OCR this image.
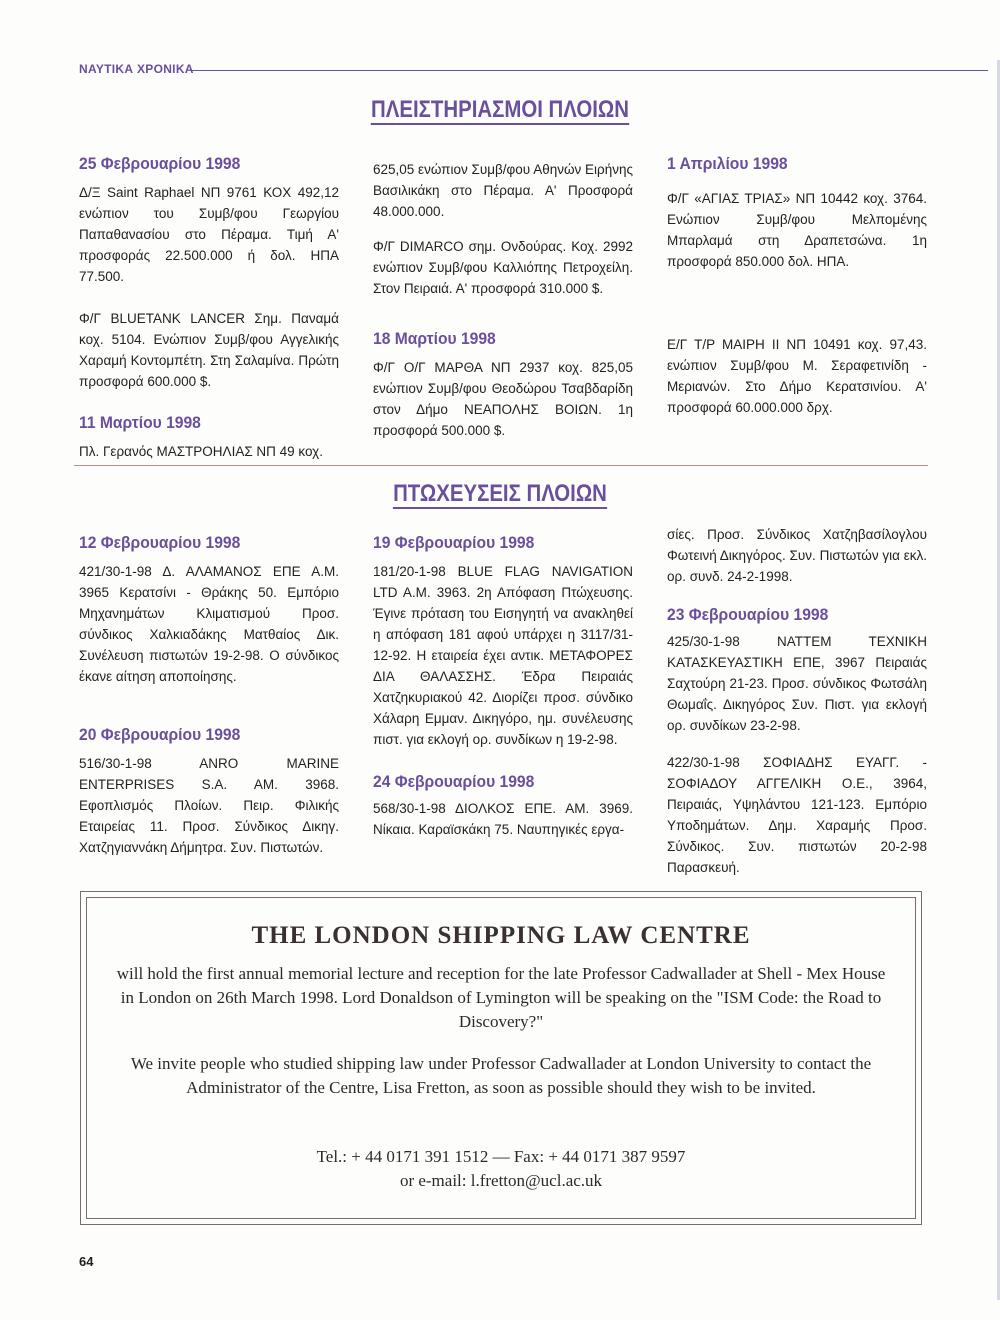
ΝΑΥΤΙΚΑ ΧΡΟΝΙΚΑ
ΠΛΕΙΣΤΗΡΙΑΣΜΟΙ ΠΛΟΙΩΝ
25 Φεβρουαρίου 1998

Δ/Ξ Saint Raphael ΝΠ 9761 ΚΟΧ 492,12 ενώπιον του Συμβ/φου Γεωργίου Παπαθανασίου στο Πέραμα. Τιμή Α' προσφοράς 22.500.000 ή δολ. ΗΠΑ 77.500.

Φ/Γ BLUETANK LANCER Σημ. Παναμά κοχ. 5104. Ενώπιον Συμβ/φου Αγγελικής Χαραμή Κοντομπέτη. Στη Σαλαμίνα. Πρώτη προσφορά 600.000 $.

11 Μαρτίου 1998

Πλ. Γερανός ΜΑΣΤΡΟΗΛΙΑΣ ΝΠ 49 κοχ.

625,05 ενώπιον Συμβ/φου Αθηνών Ειρήνης Βασιλικάκη στο Πέραμα. Α' Προσφορά 48.000.000.

Φ/Γ DIMARCO σημ. Ονδούρας. Κοχ. 2992 ενώπιον Συμβ/φου Καλλιόπης Πετροχείλη. Στον Πειραιά. Α' προσφορά 310.000 $.

18 Μαρτίου 1998

Φ/Γ Ο/Γ ΜΑΡΘΑ ΝΠ 2937 κοχ. 825,05 ενώπιον Συμβ/φου Θεοδώρου Τσαβδαρίδη στον Δήμο ΝΕΑΠΟΛΗΣ ΒΟΙΩΝ. 1η προσφορά 500.000 $.

1 Απριλίου 1998

Φ/Γ «ΑΓΙΑΣ ΤΡΙΑΣ» ΝΠ 10442 κοχ. 3764. Ενώπιον Συμβ/φου Μελπομένης Μπαρλαμά στη Δραπετσώνα. 1η προσφορά 850.000 δολ. ΗΠΑ.

Ε/Γ Τ/Ρ ΜΑΙΡΗ ΙΙ ΝΠ 10491 κοχ. 97,43. ενώπιον Συμβ/φου Μ. Σεραφετινίδη - Μεριανών. Στο Δήμο Κερατσινίου. Α' προσφορά 60.000.000 δρχ.

ΠΤΩΧΕΥΣΕΙΣ ΠΛΟΙΩΝ
12 Φεβρουαρίου 1998

421/30-1-98 Δ. ΑΛΑΜΑΝΟΣ ΕΠΕ Α.Μ. 3965 Κερατσίνι - Θράκης 50. Εμπόριο Μηχανημάτων Κλιματισμού Προσ. σύνδικος Χαλκιαδάκης Ματθαίος Δικ. Συνέλευση πιστωτών 19-2-98. Ο σύνδικος έκανε αίτηση αποποίησης.

20 Φεβρουαρίου 1998

516/30-1-98 ANRO MARINE ENTERPRISES S.A. AM. 3968. Εφοπλισμός Πλοίων. Πειρ. Φιλικής Εταιρείας 11. Προσ. Σύνδικος Δικηγ. Χατζηγιαννάκη Δήμητρα. Συν. Πιστωτών.

19 Φεβρουαρίου 1998

181/20-1-98 BLUE FLAG NAVIGATION LTD A.M. 3963. 2η Απόφαση Πτώχευσης. Έγινε πρόταση του Εισηγητή να ανακληθεί η απόφαση 181 αφού υπάρχει η 3117/31-12-92. Η εταιρεία έχει αντικ. ΜΕΤΑΦΟΡΕΣ ΔΙΑ ΘΑΛΑΣΣΗΣ. Έδρα Πειραιάς Χατζηκυριακού 42. Διορίζει προσ. σύνδικο Χάλαρη Εμμαν. Δικηγόρο, ημ. συνέλευσης πιστ. για εκλογή ορ. συνδίκων η 19-2-98.

24 Φεβρουαρίου 1998

568/30-1-98 ΔΙΟΛΚΟΣ ΕΠΕ. ΑΜ. 3969. Νίκαια. Καραϊσκάκη 75. Ναυπηγικές εργα-

σίες. Προσ. Σύνδικος Χατζηβασίλογλου Φωτεινή Δικηγόρος. Συν. Πιστωτών για εκλ. ορ. συνδ. 24-2-1998.

23 Φεβρουαρίου 1998

425/30-1-98 ΝΑΤΤΕΜ ΤΕΧΝΙΚΗ ΚΑΤΑΣΚΕΥΑΣΤΙΚΗ ΕΠΕ, 3967 Πειραιάς Σαχτούρη 21-23. Προσ. σύνδικος Φωτσάλη Θωμαΐς. Δικηγόρος Συν. Πιστ. για εκλογή ορ. συνδίκων 23-2-98.

422/30-1-98 ΣΟΦΙΑΔΗΣ ΕΥΑΓΓ. - ΣΟΦΙΑΔΟΥ ΑΓΓΕΛΙΚΗ Ο.Ε., 3964, Πειραιάς, Υψηλάντου 121-123. Εμπόριο Υποδημάτων. Δημ. Χαραμής Προσ. Σύνδικος. Συν. πιστωτών 20-2-98 Παρασκευή.

THE LONDON SHIPPING LAW CENTRE
will hold the first annual memorial lecture and reception for the late Professor Cadwallader at Shell - Mex House in London on 26th March 1998. Lord Donaldson of Lymington will be speaking on the "ISM Code: the Road to Discovery?"
We invite people who studied shipping law under Professor Cadwallader at London University to contact the Administrator of the Centre, Lisa Fretton, as soon as possible should they wish to be invited.
Tel.: + 44 0171 391 1512 — Fax: + 44 0171 387 9597
or e-mail: l.fretton@ucl.ac.uk
64
